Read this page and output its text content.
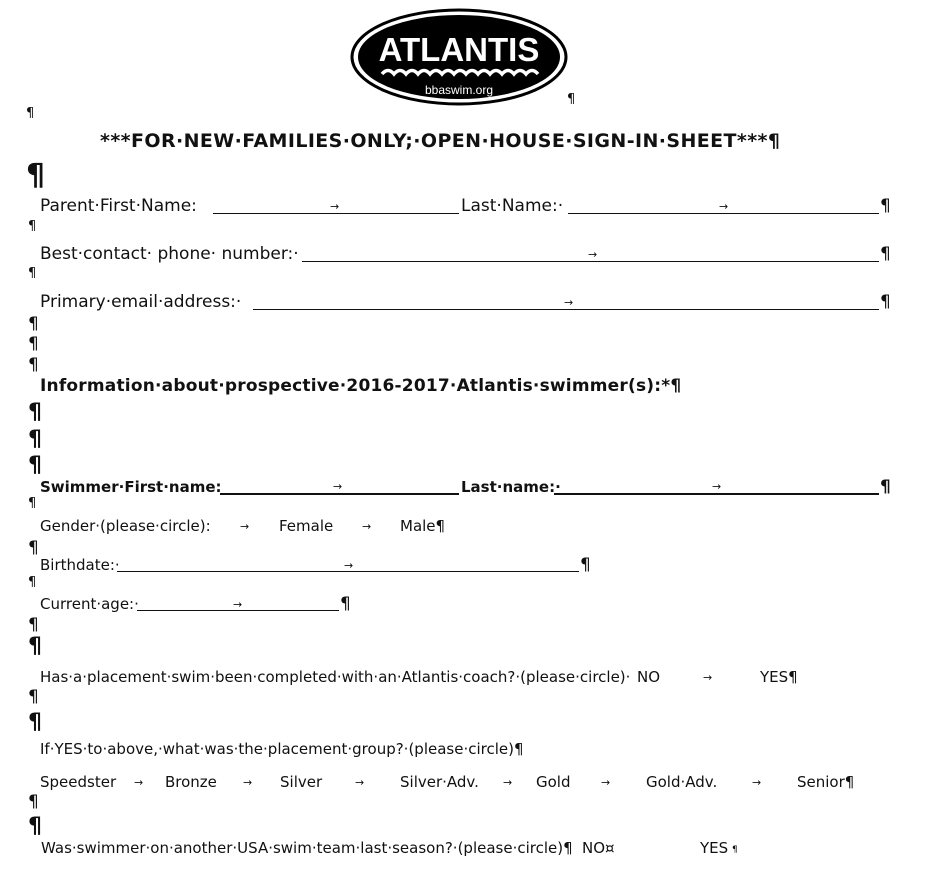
ATLANTIS
bbaswim.org
¶
¶
***FOR·NEW·FAMILIES·ONLY;·OPEN·HOUSE·SIGN-IN·SHEET***¶
¶
Parent·First·Name:	→	Last·Name:·	→	¶
¶
Best·contact· phone· number:·	→	¶
¶
Primary·email·address:·	→	¶
¶
¶
¶
Information·about·prospective·2016-2017·Atlantis·swimmer(s):*¶
¶
¶
¶
Swimmer·First·name:	→	Last·name:·	→	¶
¶
Gender·(please·circle):	→ Female	→ Male¶
¶
Birthdate:·	→	¶
¶
Current·age:·	→	¶
¶
¶
Has·a·placement·swim·been·completed·with·an·Atlantis·coach?·(please·circle)· NO	→	YES¶
¶
¶
If·YES·to·above,·what·was·the·placement·group?·(please·circle)¶
Speedster → Bronze → Silver	→ Silver·Adv. → Gold	→ Gold·Adv.	→ Senior¶
¶
¶
Was·swimmer·on·another·USA·swim·team·last·season?·(please·circle)¶ NO¤	YES ¶
